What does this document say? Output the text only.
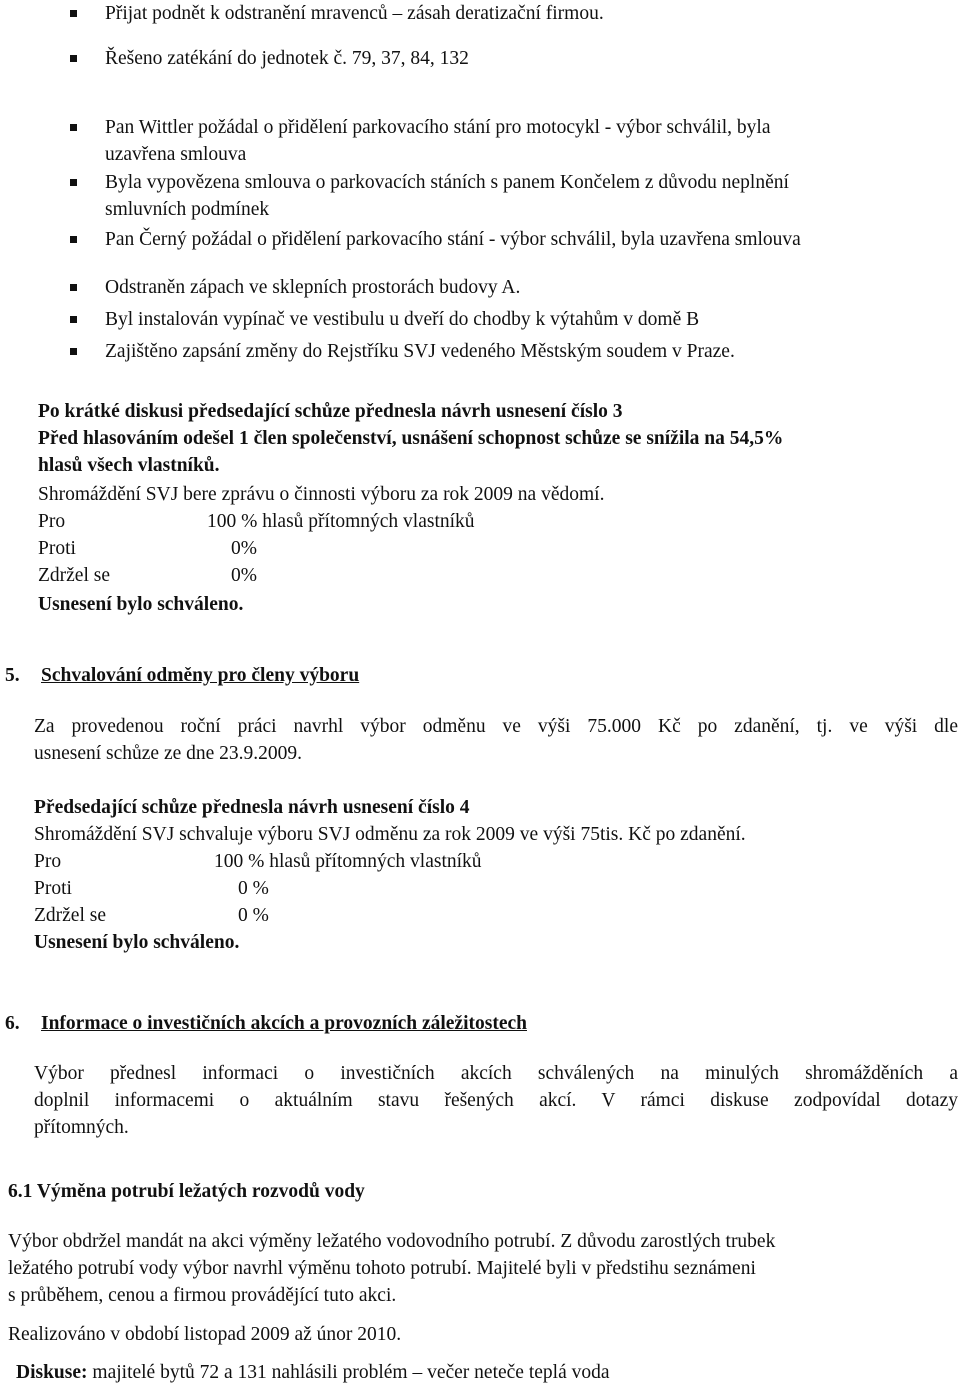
Přijat podnět k odstranění mravenců – zásah deratizační firmou.
Řešeno zatékání do jednotek č. 79, 37, 84, 132
Pan Wittler požádal o přidělení parkovacího stání pro motocykl - výbor schválil, byla
uzavřena smlouva
Byla vypovězena smlouva o parkovacích stáních s panem Končelem z důvodu neplnění
smluvních podmínek
Pan Černý požádal o přidělení parkovacího stání - výbor schválil, byla uzavřena smlouva
Odstraněn zápach ve sklepních prostorách budovy A.
Byl instalován vypínač ve vestibulu u dveří do chodby k výtahům v domě B
Zajištěno zapsání změny do Rejstříku SVJ vedeného Městským soudem v Praze.
Po krátké diskusi předsedající schůze přednesla návrh usnesení číslo 3
Před hlasováním odešel 1 člen společenství, usnášení schopnost schůze se snížila na 54,5%
hlasů všech vlastníků.
Shromáždění SVJ bere zprávu o činnosti výboru za rok 2009 na vědomí.
Pro	100 % hlasů přítomných vlastníků
Proti	0%
Zdržel se	0%
Usnesení bylo schváleno.
5. Schvalování odměny pro členy výboru
Za provedenou roční práci navrhl výbor odměnu ve výši 75.000 Kč po zdanění, tj. ve výši dle
usnesení schůze ze dne 23.9.2009.
Předsedající schůze přednesla návrh usnesení číslo 4
Shromáždění SVJ schvaluje výboru SVJ odměnu za rok 2009 ve výši 75tis. Kč po zdanění.
Pro	100 % hlasů přítomných vlastníků
Proti	0 %
Zdržel se	0 %
Usnesení bylo schváleno.
6. Informace o investičních akcích a provozních záležitostech
Výbor přednesl informaci o investičních akcích schválených na minulých shromážděních a
doplnil informacemi o aktuálním stavu řešených akcí. V rámci diskuse zodpovídal dotazy
přítomných.
6.1 Výměna potrubí ležatých rozvodů vody
Výbor obdržel mandát na akci výměny ležatého vodovodního potrubí. Z důvodu zarostlých trubek
ležatého potrubí vody výbor navrhl výměnu tohoto potrubí. Majitelé byli v předstihu seznámeni
s průběhem, cenou a firmou provádějící tuto akci.
Realizováno v období listopad 2009 až únor 2010.
Diskuse: majitelé bytů 72 a 131 nahlásili problém – večer neteče teplá voda
